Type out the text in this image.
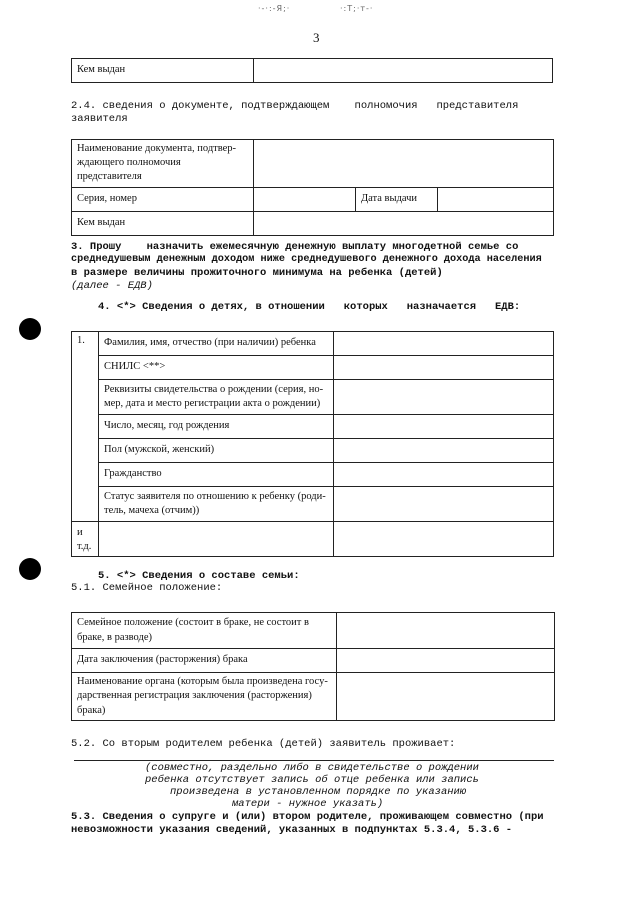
·-·:-Я;·	·:Т;·т-·
3
Кем выдан	
2.4. сведения о документе, подтверждающем    полномочия   представителя
заявителя
Наименование документа, подтвер- ждающего полномочия представителя			
Серия, номер		Дата выдачи	
Кем выдан			
3. Прошу    назначить ежемесячную денежную выплату многодетной семье со
среднедушевым денежным доходом ниже среднедушевого денежного дохода населения
в размере величины прожиточного минимума на ребенка (детей)
(далее - ЕДВ)
4. <*> Сведения о детях, в отношении   которых   назначается   ЕДВ:
1.	Фамилия, имя, отчество (при наличии) ребенка	
	СНИЛС <**>	
	Реквизиты свидетельства о рождении (серия, но- мер, дата и место регистрации акта о рождении)	
	Число, месяц, год рождения	
	Пол (мужской, женский)	
	Гражданство	
	Статус заявителя по отношению к ребенку (роди- тель, мачеха (отчим))	
и т.д.		
5. <*> Сведения о составе семьи:
5.1. Семейное положение:
Семейное положение (состоит в браке, не состоит в браке, в разводе)	
Дата заключения (расторжения) брака	
Наименование органа (которым была произведена госу- дарственная регистрация заключения (расторжения) брака)	
5.2. Со вторым родителем ребенка (детей) заявитель проживает:
(совместно, раздельно либо в свидетельстве о рождении
ребенка отсутствует запись об отце ребенка или запись
произведена в установленном порядке по указанию
матери - нужное указать)
5.3. Сведения о супруге и (или) втором родителе, проживающем совместно (при
невозможности указания сведений, указанных в подпунктах 5.3.4, 5.3.6 -
